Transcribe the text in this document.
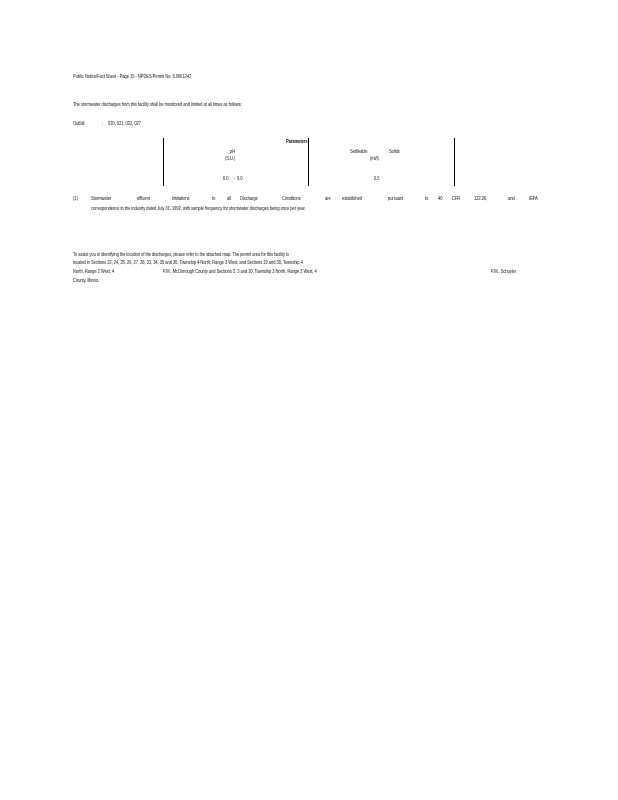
Public Notice/Fact Sheet - Page 15 - NPDES Permit No. IL0061247
The stormwater discharges from this facility shall be monitored and limited at all times as follows:
Outfall	: 020, 021, 022, 027
Parameters
pH
(S.U.)
Settleable	Solids
(ml/l)
6.0 - 9.0	0.5
(1) Stormwater	effluent	limitations	to all Discharge	Conditions	are established	pursuant	to 40 CFR 122.26,	and	IEPA
correspondence to the industry dated July 31, 1992, with sample frequency for stormwater discharges being once per year.
To assist you in identifying the location of the discharges, please refer to the attached map. The permit area for this facility is
located in Sections 22, 24, 25, 26, 27, 28, 33, 34, 35 and 36, Township 4 North, Range 3 West, and Sections 19 and 30, Township 4
North, Range 2 West, 4	P.M., McDonough County and Sections 2, 3 and 10, Township 3 North, Range 3 West, 4	P.M., Schuyler
County, Illinois.
